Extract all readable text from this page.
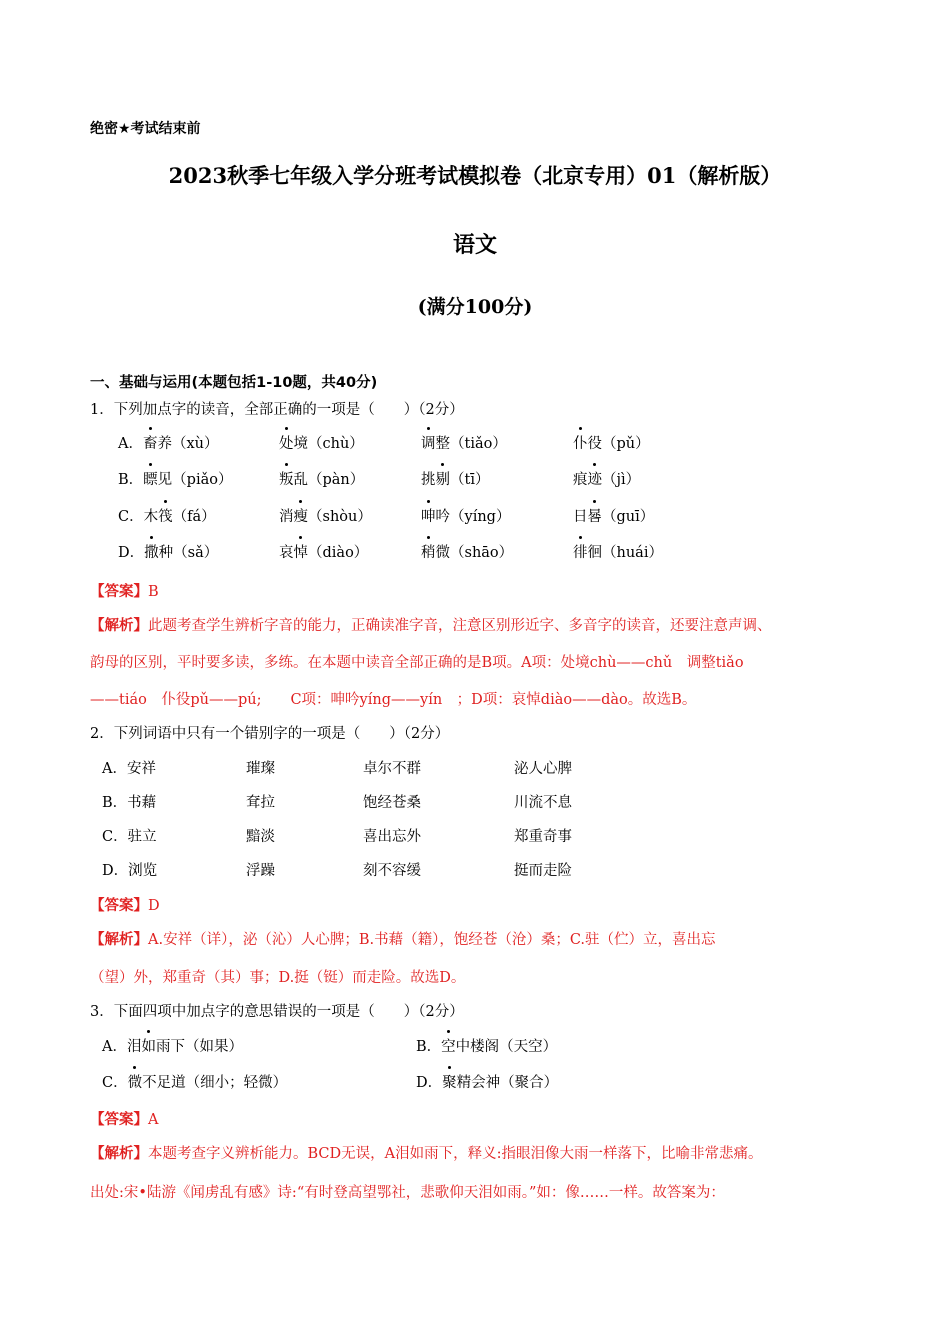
绝密★考试结束前
2023秋季七年级入学分班考试模拟卷（北京专用）01（解析版）
语文
(满分100分)
一、基础与运用(本题包括1-10题，共40分)
1．下列加点字的读音，全部正确的一项是（　　）（2分）
A．畜养（xù）	处境（chù）	调整（tiǎo）	仆役（pǔ）
B．瞟见（piǎo）	叛乱（pàn）	挑剔（tī）	痕迹（jì）
C．木筏（fá）	消瘦（shòu）	呻吟（yíng）	日晷（guī）
D．撒种（sǎ）	哀悼（diào）	稍微（shāo）	徘徊（huái）
【答案】B
【解析】此题考查学生辨析字音的能力，正确读准字音，注意区别形近字、多音字的读音，还要注意声调、
韵母的区别，平时要多读，多练。在本题中读音全部正确的是B项。A项：处境chù——chǔ　调整tiǎo
——tiáo　仆役pǔ——pú;　　C项：呻吟yíng——yín　；D项：哀悼diào——dào。故选B。
2．下列词语中只有一个错别字的一项是（　　）（2分）
A．安祥	璀璨	卓尔不群	泌人心脾
B．书藉	耷拉	饱经苍桑	川流不息
C．驻立	黯淡	喜出忘外	郑重奇事
D．浏览	浮躁	刻不容缓	挺而走险
【答案】D
【解析】A.安祥（详），泌（沁）人心脾；B.书藉（籍），饱经苍（沧）桑；C.驻（伫）立，喜出忘
（望）外，郑重奇（其）事；D.挺（铤）而走险。故选D。
3．下面四项中加点字的意思错误的一项是（　　）（2分）
A．泪如雨下（如果）	B．空中楼阁（天空）
C．微不足道（细小；轻微）	D．聚精会神（聚合）
【答案】A
【解析】本题考查字义辨析能力。BCD无误，A泪如雨下，释义:指眼泪像大雨一样落下，比喻非常悲痛。
出处:宋•陆游《闻虏乱有感》诗:“有时登高望鄂社，悲歌仰天泪如雨。”如：像……一样。故答案为：
